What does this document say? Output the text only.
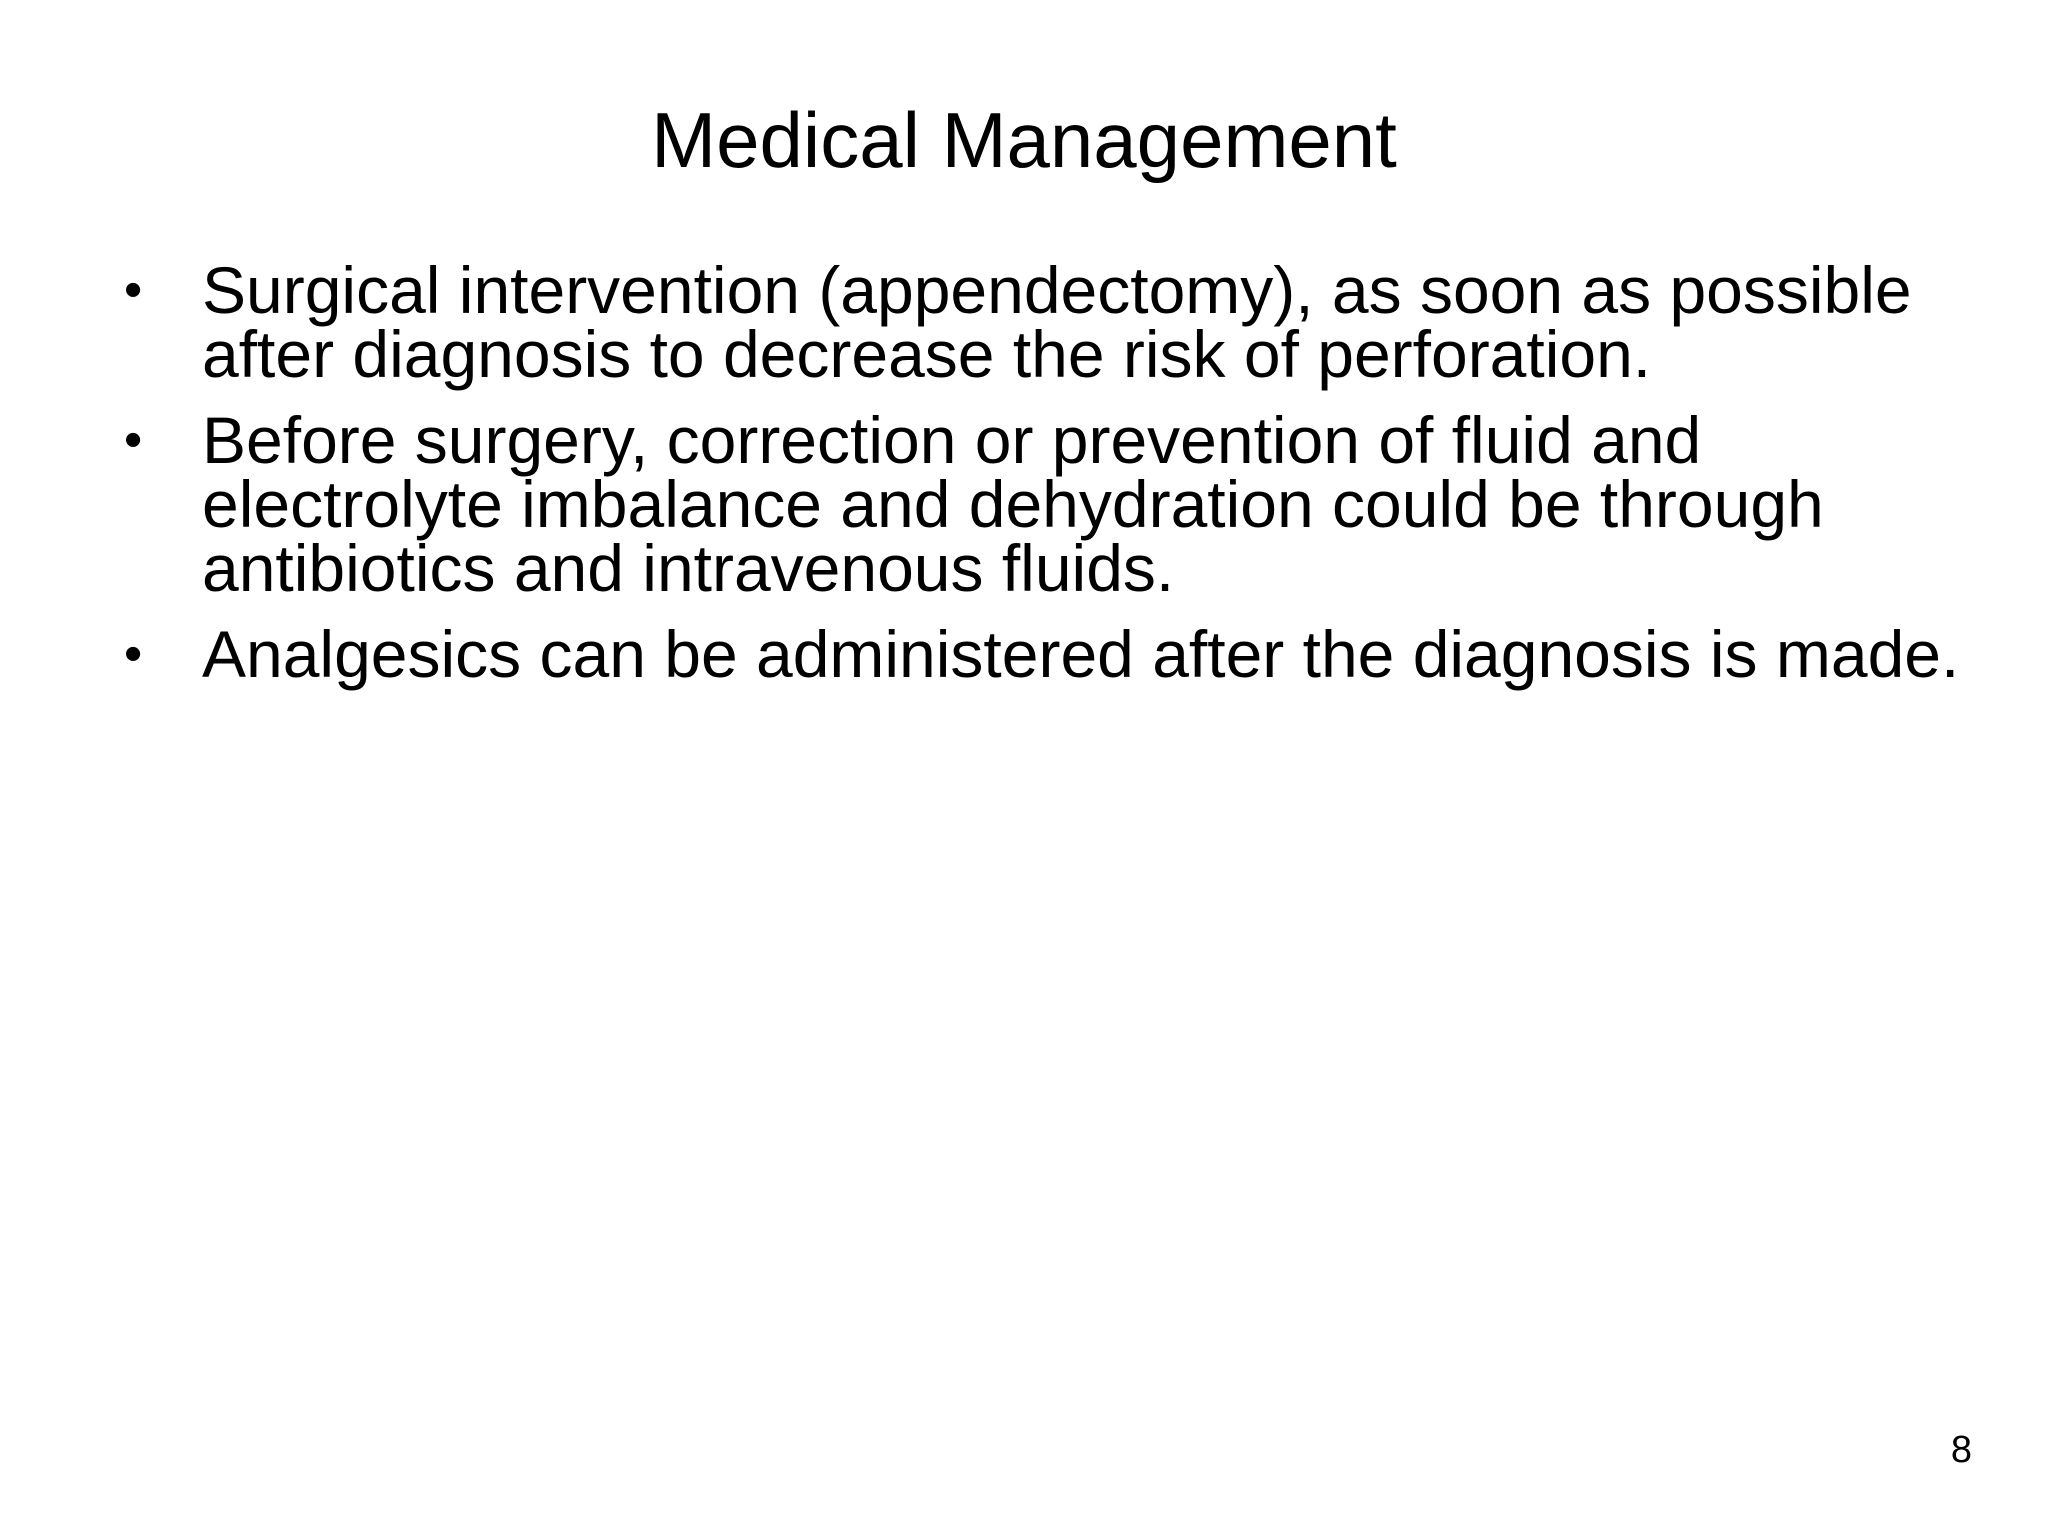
Medical Management
• Surgical intervention (appendectomy), as soon as possible after diagnosis to decrease the risk of perforation.
• Before surgery, correction or prevention of fluid and electrolyte imbalance and dehydration could be through antibiotics and intravenous fluids.
• Analgesics can be administered after the diagnosis is made.
8
